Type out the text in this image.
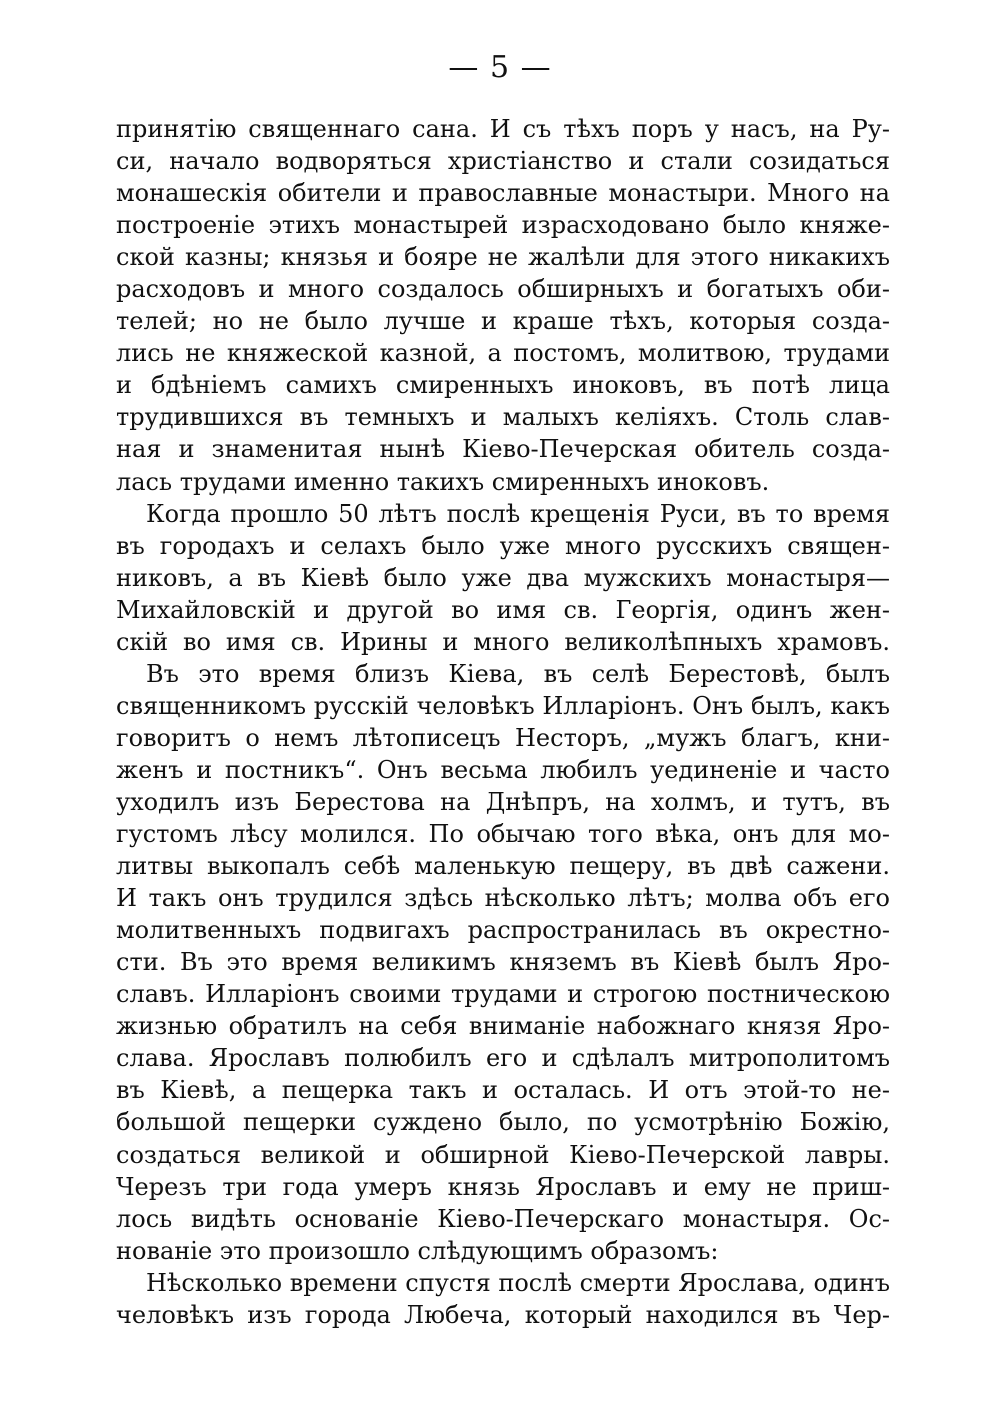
— 5 —
принятію священнаго сана. И съ тѣхъ поръ у насъ, на Ру-
си, начало водворяться христіанство и стали созидаться
монашескія обители и православные монастыри. Много на
построеніе этихъ монастырей израсходовано было княже-
ской казны; князья и бояре не жалѣли для этого никакихъ
расходовъ и много создалось обширныхъ и богатыхъ оби-
телей; но не было лучше и краше тѣхъ, которыя созда-
лись не княжеской казной, а постомъ, молитвою, трудами
и бдѣніемъ самихъ смиренныхъ иноковъ, въ потѣ лица
трудившихся въ темныхъ и малыхъ келіяхъ. Столь слав-
ная и знаменитая нынѣ Кіево-Печерская обитель созда-
лась трудами именно такихъ смиренныхъ иноковъ.
Когда прошло 50 лѣтъ послѣ крещенія Руси, въ то время
въ городахъ и селахъ было уже много русскихъ священ-
никовъ, а въ Кіевѣ было уже два мужскихъ монастыря—
Михайловскій и другой во имя св. Георгія, одинъ жен-
скій во имя св. Ирины и много великолѣпныхъ храмовъ.
Въ это время близъ Кіева, въ селѣ Берестовѣ, былъ
священникомъ русскій человѣкъ Илларіонъ. Онъ былъ, какъ
говоритъ о немъ лѣтописецъ Несторъ, „мужъ благъ, кни-
женъ и постникъ“. Онъ весьма любилъ уединеніе и часто
уходилъ изъ Берестова на Днѣпръ, на холмъ, и тутъ, въ
густомъ лѣсу молился. По обычаю того вѣка, онъ для мо-
литвы выкопалъ себѣ маленькую пещеру, въ двѣ сажени.
И такъ онъ трудился здѣсь нѣсколько лѣтъ; молва объ его
молитвенныхъ подвигахъ распространилась въ окрестно-
сти. Въ это время великимъ княземъ въ Кіевѣ былъ Яро-
славъ. Илларіонъ своими трудами и строгою постническою
жизнью обратилъ на себя вниманіе набожнаго князя Яро-
слава. Ярославъ полюбилъ его и сдѣлалъ митрополитомъ
въ Кіевѣ, а пещерка такъ и осталась. И отъ этой-то не-
большой пещерки суждено было, по усмотрѣнію Божію,
создаться великой и обширной Кіево-Печерской лавры.
Черезъ три года умеръ князь Ярославъ и ему не приш-
лось видѣть основаніе Кіево-Печерскаго монастыря. Ос-
нованіе это произошло слѣдующимъ образомъ:
Нѣсколько времени спустя послѣ смерти Ярослава, одинъ
человѣкъ изъ города Любеча, который находился въ Чер-
